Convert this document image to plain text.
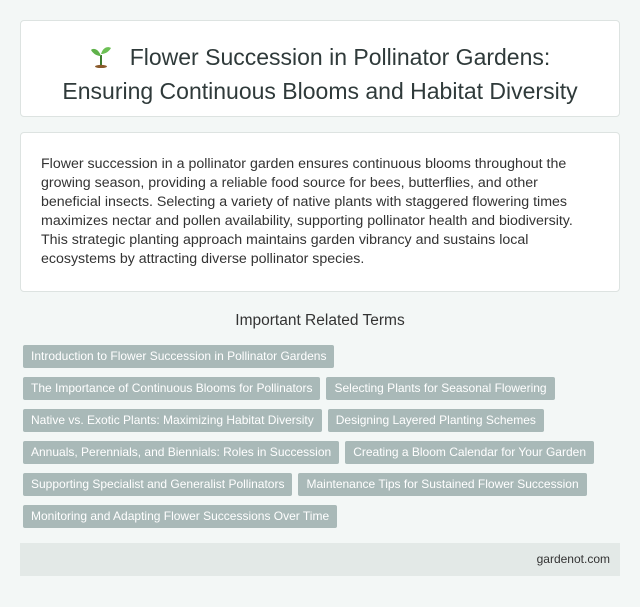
Flower Succession in Pollinator Gardens: Ensuring Continuous Blooms and Habitat Diversity

Flower succession in a pollinator garden ensures continuous blooms throughout the growing season, providing a reliable food source for bees, butterflies, and other beneficial insects. Selecting a variety of native plants with staggered flowering times maximizes nectar and pollen availability, supporting pollinator health and biodiversity. This strategic planting approach maintains garden vibrancy and sustains local ecosystems by attracting diverse pollinator species.

Important Related Terms
Introduction to Flower Succession in Pollinator Gardens
The Importance of Continuous Blooms for Pollinators	Selecting Plants for Seasonal Flowering
Native vs. Exotic Plants: Maximizing Habitat Diversity	Designing Layered Planting Schemes
Annuals, Perennials, and Biennials: Roles in Succession	Creating a Bloom Calendar for Your Garden
Supporting Specialist and Generalist Pollinators	Maintenance Tips for Sustained Flower Succession
Monitoring and Adapting Flower Successions Over Time
gardenot.com
